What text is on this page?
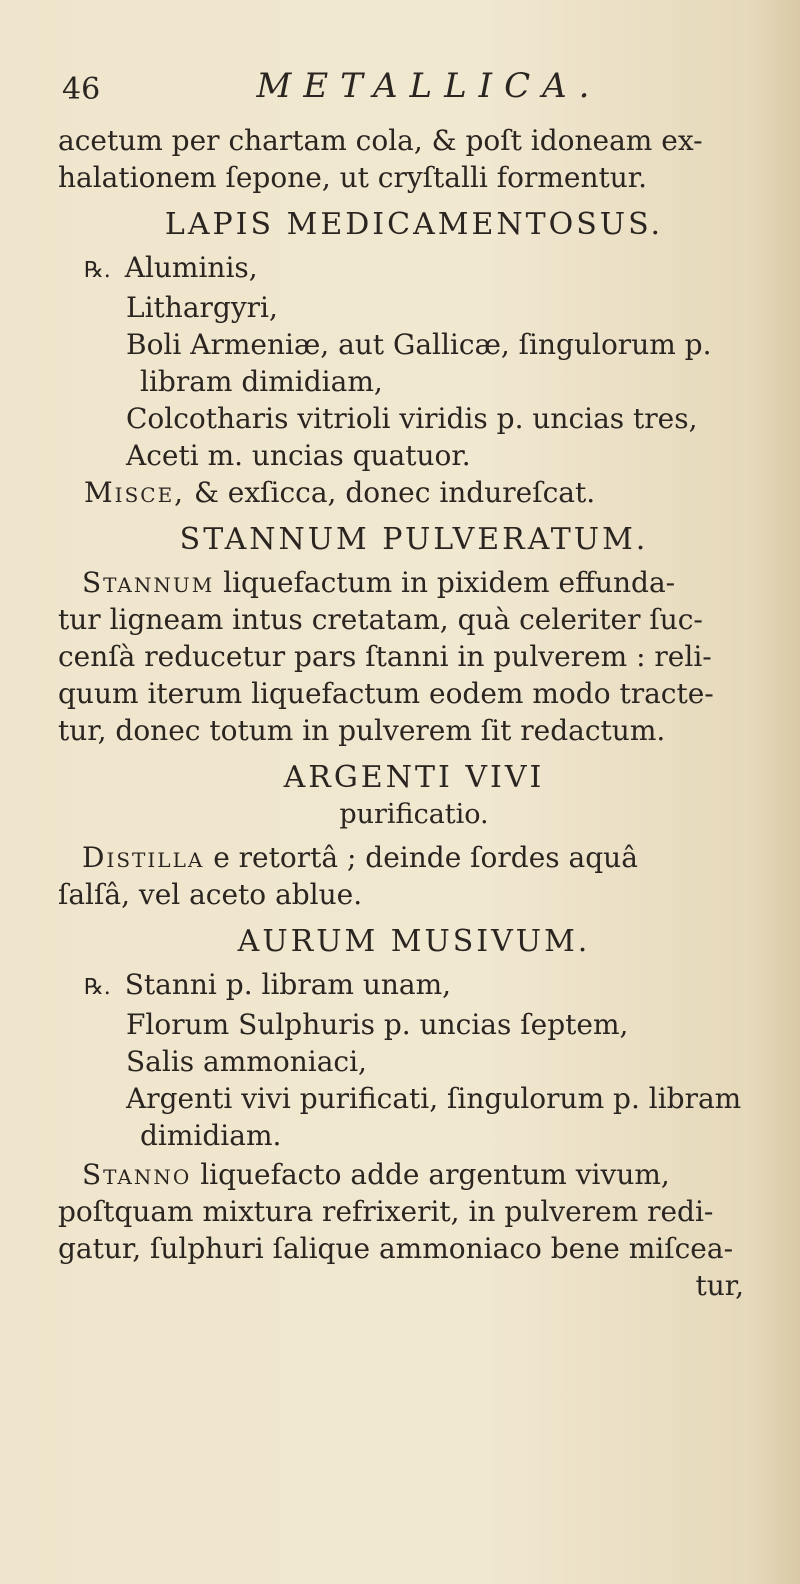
46	METALLICA.

acetum per chartam cola, & poſt idoneam ex-
halationem ſepone, ut cryſtalli formentur.

LAPIS MEDICAMENTOSUS.
℞. Aluminis,
Lithargyri,
Boli Armeniæ, aut Gallicæ, ſingulorum p.
libram dimidiam,
Colcotharis vitrioli viridis p. uncias tres,
Aceti m. uncias quatuor.
Misce, & exſicca, donec indureſcat.
STANNUM PULVERATUM.

Stannum liquefactum in pixidem effunda-
tur ligneam intus cretatam, quà celeriter ſuc-
cenſà reducetur pars ſtanni in pulverem : reli-
quum iterum liquefactum eodem modo tracte-
tur, donec totum in pulverem ſit redactum.

ARGENTI VIVI
purificatio.

Distilla e retortâ ; deinde ſordes aquâ
ſalſâ, vel aceto ablue.

AURUM MUSIVUM.
℞. Stanni p. libram unam,
Florum Sulphuris p. uncias ſeptem,
Salis ammoniaci,
Argenti vivi purificati, ſingulorum p. libram
dimidiam.

Stanno liquefacto adde argentum vivum,
poſtquam mixtura refrixerit, in pulverem redi-
gatur, ſulphuri ſalique ammoniaco bene miſcea-

tur,
